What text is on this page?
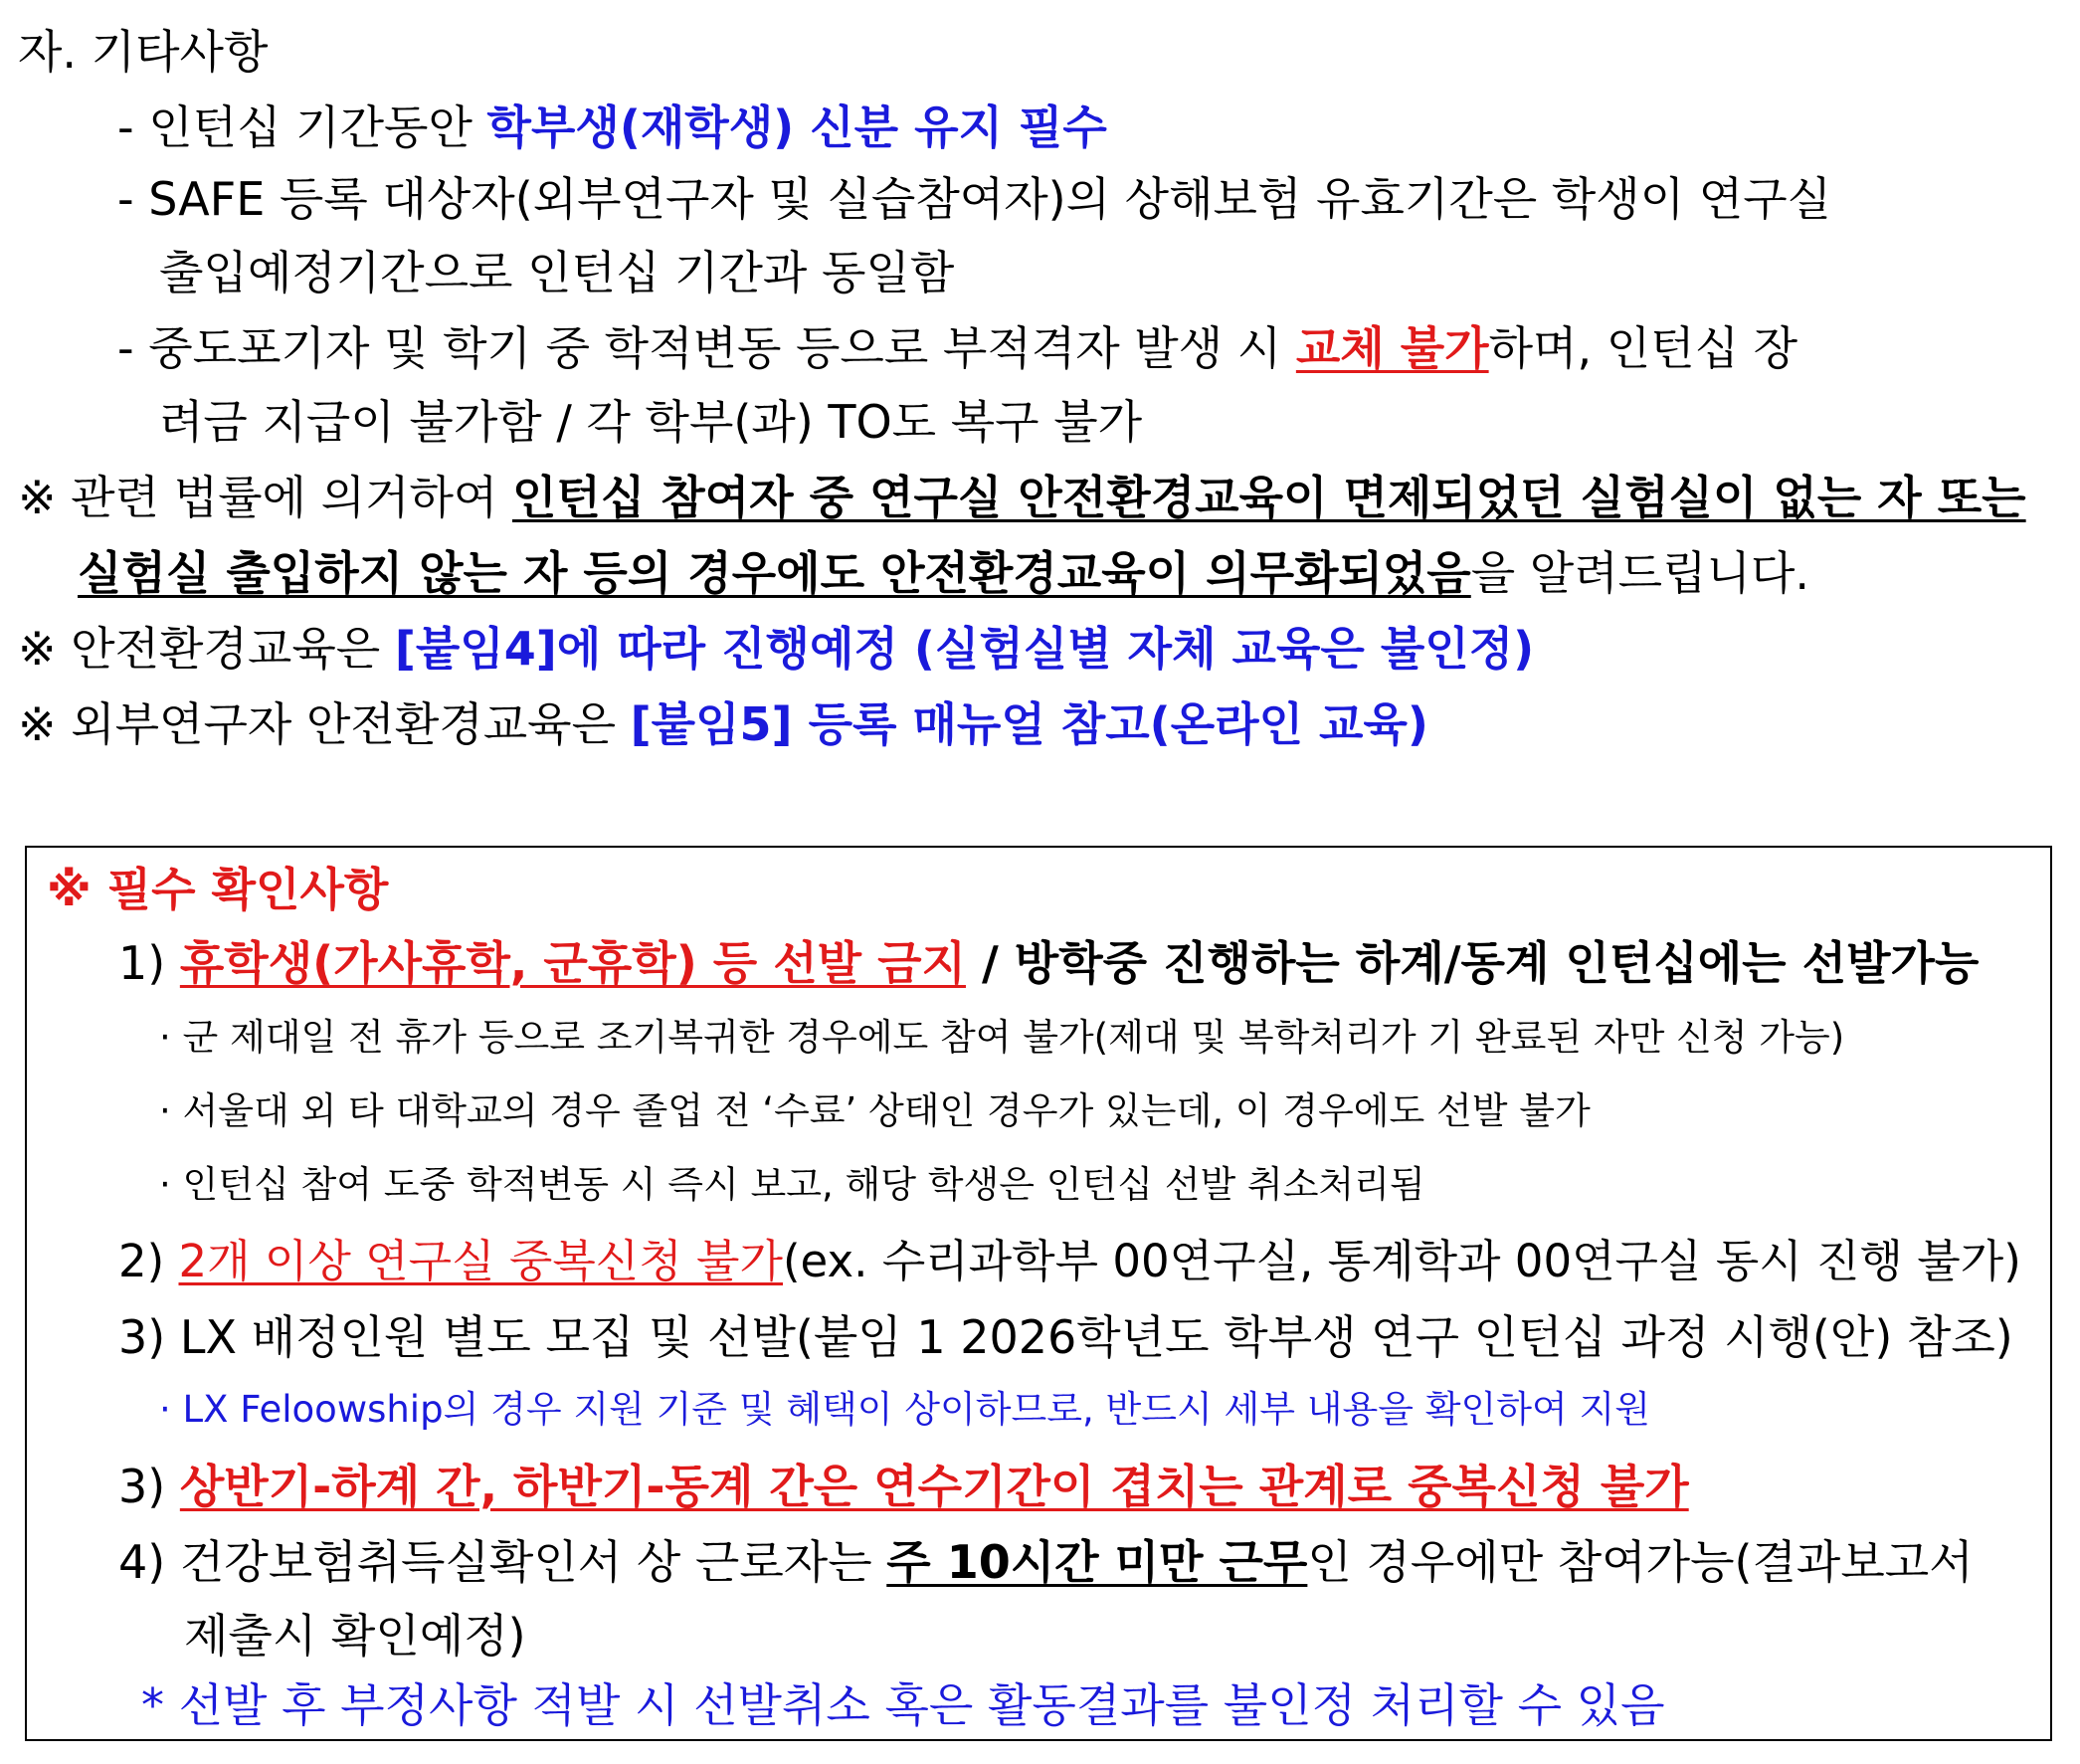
자. 기타사항
- 인턴십 기간동안 학부생(재학생) 신분 유지 필수
- SAFE 등록 대상자(외부연구자 및 실습참여자)의 상해보험 유효기간은 학생이 연구실
출입예정기간으로 인턴십 기간과 동일함
- 중도포기자 및 학기 중 학적변동 등으로 부적격자 발생 시 교체 불가하며, 인턴십 장
려금 지급이 불가함 / 각 학부(과) TO도 복구 불가
※ 관련 법률에 의거하여 인턴십 참여자 중 연구실 안전환경교육이 면제되었던 실험실이 없는 자 또는
실험실 출입하지 않는 자 등의 경우에도 안전환경교육이 의무화되었음을 알려드립니다.
※ 안전환경교육은 [붙임4]에 따라 진행예정 (실험실별 자체 교육은 불인정)
※ 외부연구자 안전환경교육은 [붙임5] 등록 매뉴얼 참고(온라인 교육)
※ 필수 확인사항
1) 휴학생(가사휴학, 군휴학) 등 선발 금지 / 방학중 진행하는 하계/동계 인턴십에는 선발가능
· 군 제대일 전 휴가 등으로 조기복귀한 경우에도 참여 불가(제대 및 복학처리가 기 완료된 자만 신청 가능)
· 서울대 외 타 대학교의 경우 졸업 전 ‘수료’ 상태인 경우가 있는데, 이 경우에도 선발 불가
· 인턴십 참여 도중 학적변동 시 즉시 보고, 해당 학생은 인턴십 선발 취소처리됨
2) 2개 이상 연구실 중복신청 불가(ex. 수리과학부 00연구실, 통계학과 00연구실 동시 진행 불가)
3) LX 배정인원 별도 모집 및 선발(붙임 1 2026학년도 학부생 연구 인턴십 과정 시행(안) 참조)
· LX Feloowship의 경우 지원 기준 및 혜택이 상이하므로, 반드시 세부 내용을 확인하여 지원
3) 상반기-하계 간, 하반기-동계 간은 연수기간이 겹치는 관계로 중복신청 불가
4) 건강보험취득실확인서 상 근로자는 주 10시간 미만 근무인 경우에만 참여가능(결과보고서
제출시 확인예정)
* 선발 후 부정사항 적발 시 선발취소 혹은 활동결과를 불인정 처리할 수 있음
